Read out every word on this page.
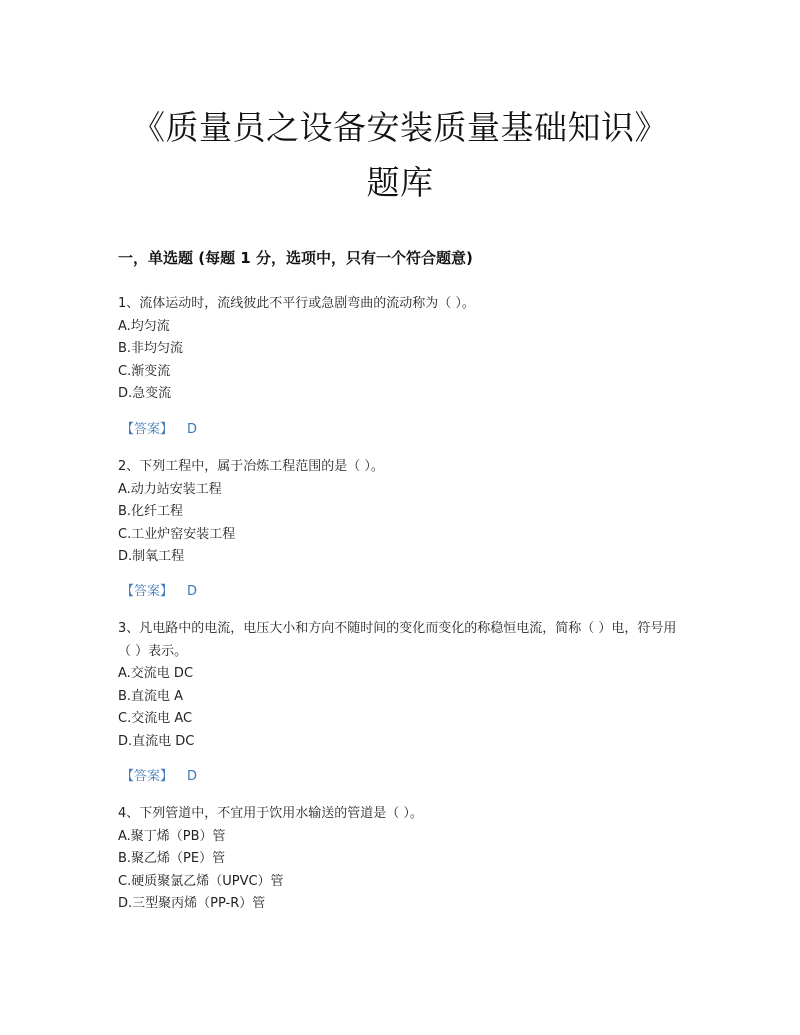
《质量员之设备安装质量基础知识》
题库
一，单选题 (每题 1 分，选项中，只有一个符合题意)
1、流体运动时，流线彼此不平行或急剧弯曲的流动称为（ ）。
A.均匀流
B.非均匀流
C.渐变流
D.急变流
【答案】 D
2、下列工程中，属于冶炼工程范围的是（ ）。
A.动力站安装工程
B.化纤工程
C.工业炉窑安装工程
D.制氧工程
【答案】 D
3、凡电路中的电流，电压大小和方向不随时间的变化而变化的称稳恒电流，简称（ ）电，符号用（ ）表示。
A.交流电 DC
B.直流电 A
C.交流电 AC
D.直流电 DC
【答案】 D
4、下列管道中，不宜用于饮用水输送的管道是（ ）。
A.聚丁烯（PB）管
B.聚乙烯（PE）管
C.硬质聚氯乙烯（UPVC）管
D.三型聚丙烯（PP-R）管
